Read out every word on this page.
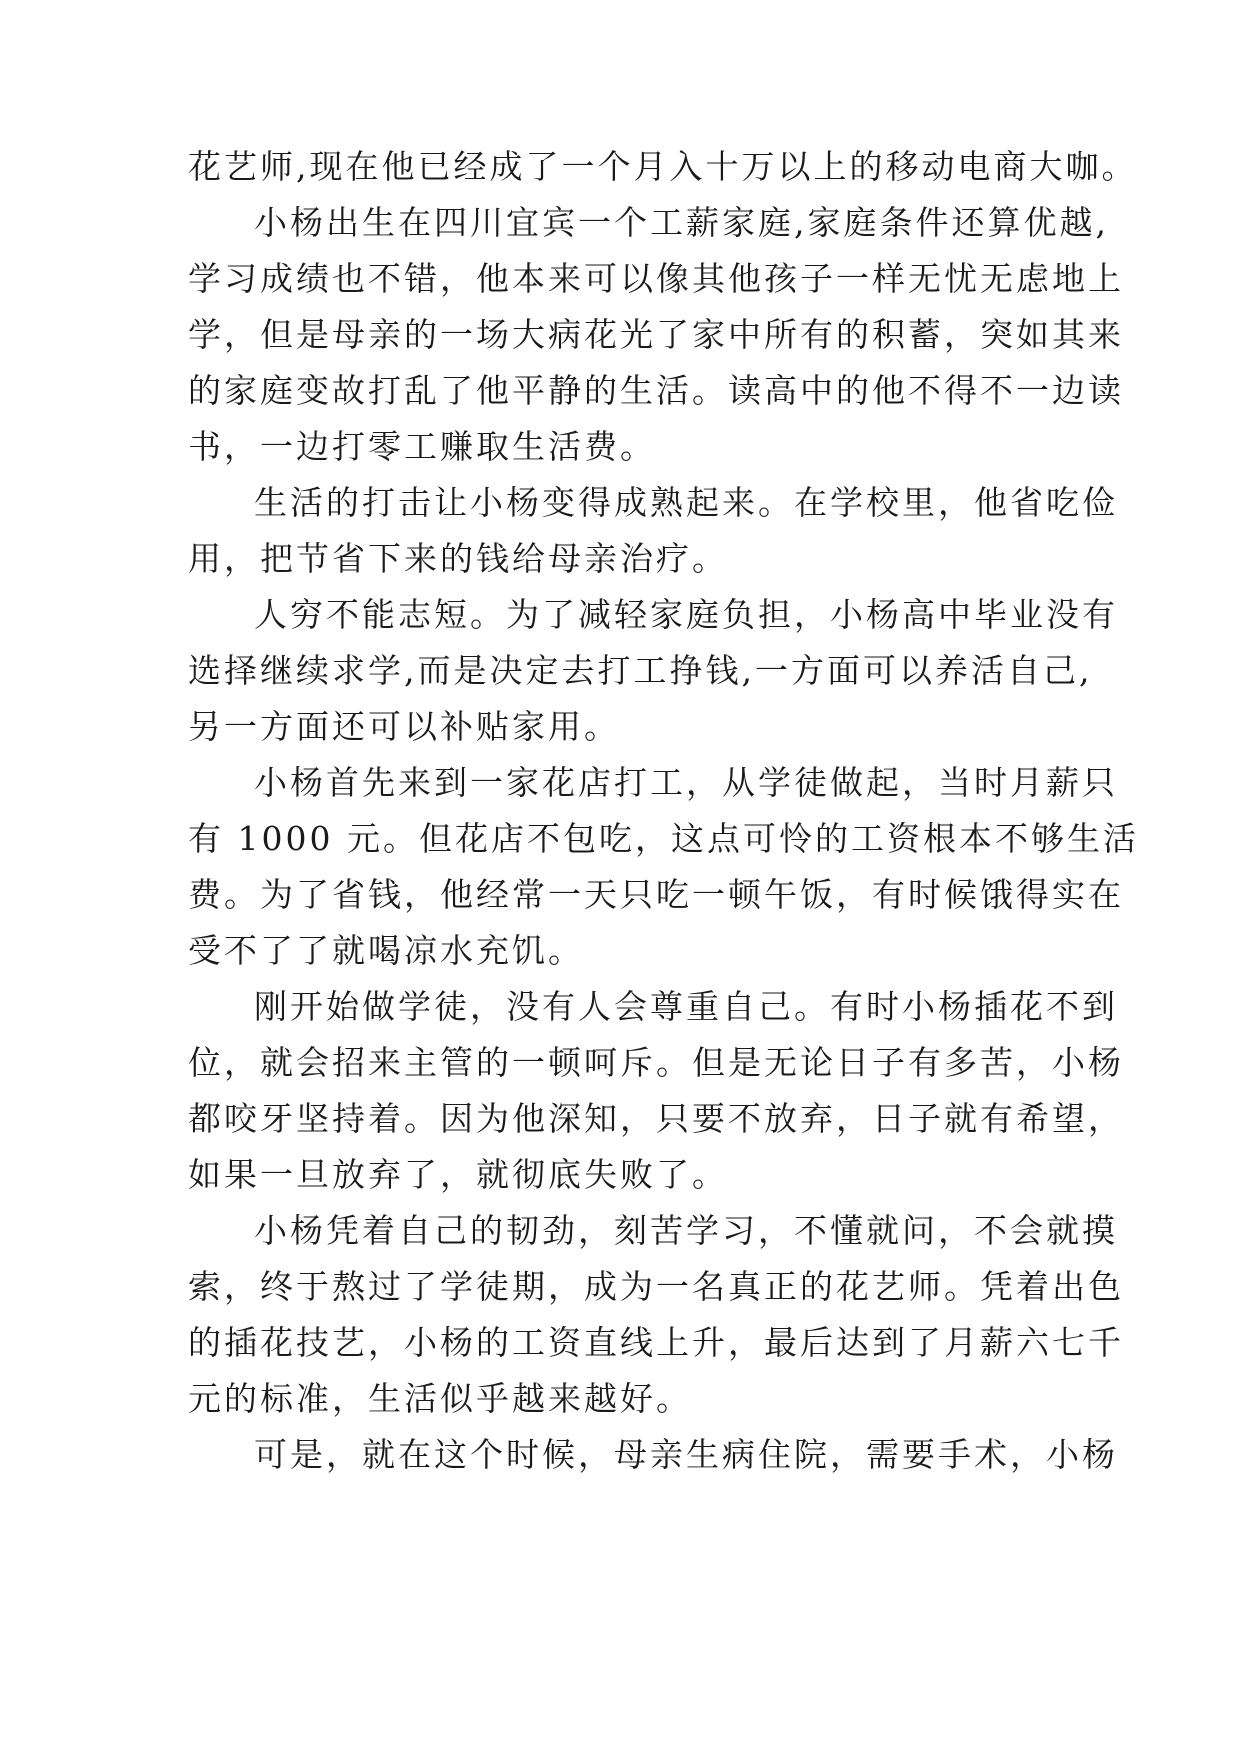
花艺师,现在他已经成了一个月入十万以上的移动电商大咖。
小杨出生在四川宜宾一个工薪家庭,家庭条件还算优越,
学习成绩也不错，他本来可以像其他孩子一样无忧无虑地上
学，但是母亲的一场大病花光了家中所有的积蓄，突如其来
的家庭变故打乱了他平静的生活。读高中的他不得不一边读
书，一边打零工赚取生活费。
生活的打击让小杨变得成熟起来。在学校里，他省吃俭
用，把节省下来的钱给母亲治疗。
人穷不能志短。为了减轻家庭负担，小杨高中毕业没有
选择继续求学,而是决定去打工挣钱,一方面可以养活自己,
另一方面还可以补贴家用。
小杨首先来到一家花店打工，从学徒做起，当时月薪只
有 1000 元。但花店不包吃，这点可怜的工资根本不够生活
费。为了省钱，他经常一天只吃一顿午饭，有时候饿得实在
受不了了就喝凉水充饥。
刚开始做学徒，没有人会尊重自己。有时小杨插花不到
位，就会招来主管的一顿呵斥。但是无论日子有多苦，小杨
都咬牙坚持着。因为他深知，只要不放弃，日子就有希望，
如果一旦放弃了，就彻底失败了。
小杨凭着自己的韧劲，刻苦学习，不懂就问，不会就摸
索，终于熬过了学徒期，成为一名真正的花艺师。凭着出色
的插花技艺，小杨的工资直线上升，最后达到了月薪六七千
元的标准，生活似乎越来越好。
可是，就在这个时候，母亲生病住院，需要手术，小杨
